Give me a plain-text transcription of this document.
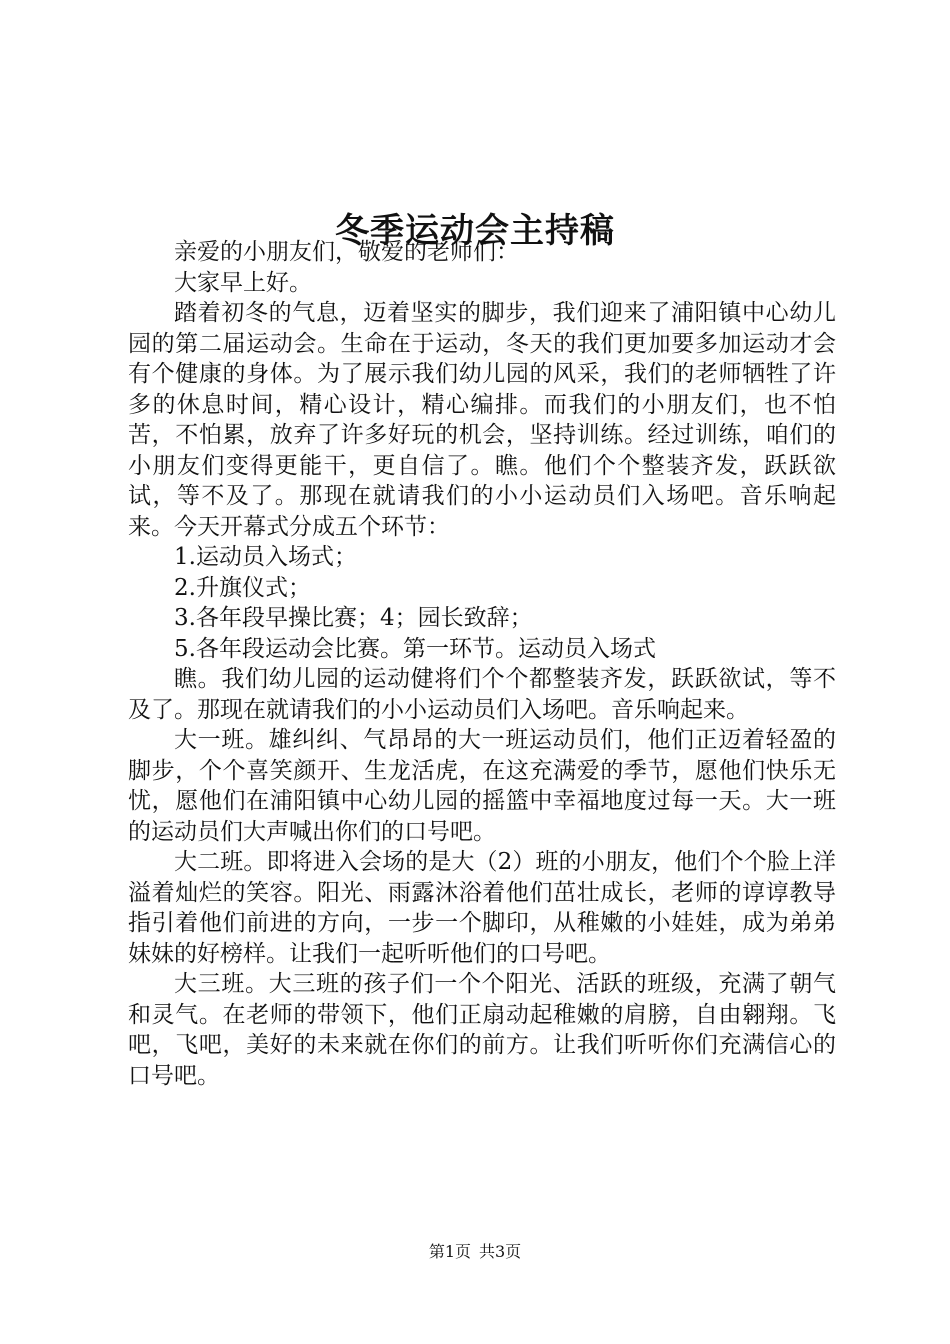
冬季运动会主持稿

亲爱的小朋友们，敬爱的老师们：

大家早上好。

踏着初冬的气息，迈着坚实的脚步，我们迎来了浦阳镇中心幼儿园的第二届运动会。生命在于运动，冬天的我们更加要多加运动才会有个健康的身体。为了展示我们幼儿园的风采，我们的老师牺牲了许多的休息时间，精心设计，精心编排。而我们的小朋友们，也不怕苦，不怕累，放弃了许多好玩的机会，坚持训练。经过训练，咱们的小朋友们变得更能干，更自信了。瞧。他们个个整装齐发，跃跃欲试，等不及了。那现在就请我们的小小运动员们入场吧。音乐响起来。今天开幕式分成五个环节：

1.运动员入场式；

2.升旗仪式；

3.各年段早操比赛；4；园长致辞；

5.各年段运动会比赛。第一环节。运动员入场式

瞧。我们幼儿园的运动健将们个个都整装齐发，跃跃欲试，等不及了。那现在就请我们的小小运动员们入场吧。音乐响起来。

大一班。雄纠纠、气昂昂的大一班运动员们，他们正迈着轻盈的脚步，个个喜笑颜开、生龙活虎，在这充满爱的季节，愿他们快乐无忧，愿他们在浦阳镇中心幼儿园的摇篮中幸福地度过每一天。大一班的运动员们大声喊出你们的口号吧。

大二班。即将进入会场的是大（2）班的小朋友，他们个个脸上洋溢着灿烂的笑容。阳光、雨露沐浴着他们茁壮成长，老师的谆谆教导指引着他们前进的方向，一步一个脚印，从稚嫩的小娃娃，成为弟弟妹妹的好榜样。让我们一起听听他们的口号吧。

大三班。大三班的孩子们一个个阳光、活跃的班级，充满了朝气和灵气。在老师的带领下，他们正扇动起稚嫩的肩膀，自由翱翔。飞吧，飞吧，美好的未来就在你们的前方。让我们听听你们充满信心的口号吧。

第1页 共3页
